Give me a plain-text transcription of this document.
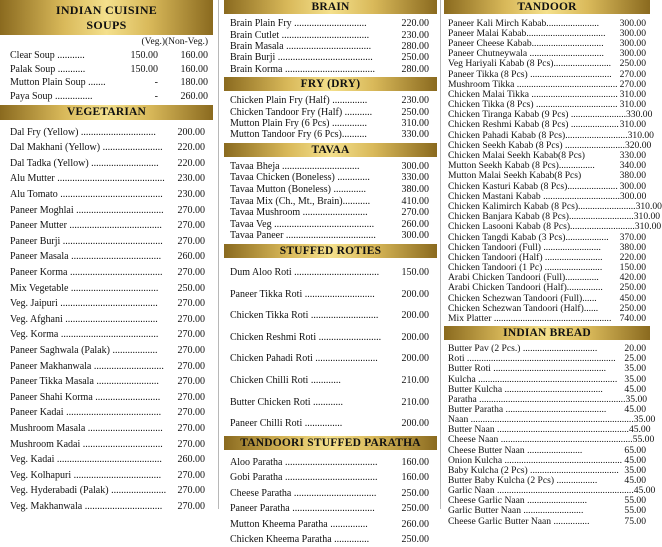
INDIAN CUISINE
SOUPS
(Veg.)(Non-Veg.)
Clear Soup ...........	150.00	160.00
Palak Soup ...........	150.00	160.00
Mutton Plain Soup .......	-	180.00
Paya Soup ...............	-	260.00
VEGETARIAN
Dal Fry (Yellow) ..............................	200.00
Dal Makhani (Yellow) ........................	220.00
Dal Tadka (Yellow) ...........................	220.00
Alu Mutter ...........................................	230.00
Alu Tomato .........................................	230.00
Paneer Moghlai ...................................	270.00
Paneer Mutter .....................................	270.00
Paneer Burji ........................................	270.00
Paneer Masala ....................................	260.00
Paneer Korma .....................................	270.00
Mix Vegetable ...................................	250.00
Veg. Jaipuri .......................................	270.00
Veg. Afghani .....................................	270.00
Veg. Korma .......................................	270.00
Paneer Saghwala (Palak) ..................	270.00
Paneer Makhanwala ............................	270.00
Paneer Tikka Masala .........................	270.00
Paneer Shahi Korma ..........................	270.00
Paneer Kadai ......................................	270.00
Mushroom Masala ..............................	270.00
Mushroom Kadai ................................	270.00
Veg. Kadai ..........................................	260.00
Veg. Kolhapuri ...................................	270.00
Veg. Hyderabadi (Palak) ......................	270.00
Veg. Makhanwala ...............................	270.00
BRAIN
Brain Plain Fry .............................	220.00
Brain Cutlet ...................................	230.00
Brain Masala ..................................	280.00
Brain Burji ......................................	250.00
Brain Korma ....................................	280.00
FRY (DRY)
Chicken Plain Fry (Half) ..............	230.00
Chicken Tandoor Fry (Half) ...........	250.00
Mutton Plain Fry (6 Pcs) ..............	310.00
Mutton Tandoor Fry (6 Pcs)..........	330.00
TAVAA
Tavaa Bheja ...............................	300.00
Tavaa Chicken (Boneless) .............	330.00
Tavaa Mutton (Boneless) .............	380.00
Tavaa Mix (Ch., Mt., Brain)...........	410.00
Tavaa Mushroom ..........................	270.00
Tavaa Veg ........................................	260.00
Tavaa Paneer ....................................	300.00
STUFFED ROTIES
Dum Aloo Roti ..................................	150.00
Paneer Tikka Roti ............................	200.00
Chicken Tikka Roti ...........................	200.00
Chicken Reshmi Roti .........................	200.00
Chicken Pahadi Roti .........................	200.00
Chicken Chilli Roti ............	210.00
Butter Chicken Roti ............	210.00
Paneer Chilli Roti ...............	200.00
TANDOORI STUFFED PARATHA
Aloo Paratha .....................................	160.00
Gobi Paratha .....................................	160.00
Cheese Paratha .................................	250.00
Paneer Paratha .................................	250.00
Mutton Kheema Paratha ...............	260.00
Chicken Kheema Paratha ..............	250.00
TANDOOR
Paneer Kali Mirch Kabab......................	300.00
Paneer Malai Kabab.................................	300.00
Paneer Cheese Kabab..............................	300.00
Paneer Chutneywala ...............................	300.00
Veg Hariyali Kabab (8 Pcs)........................ 250.00
Paneer Tikka (8 Pcs) .................................. 270.00
Mushroom Tikka .......................................... 270.00
Chicken Malai Tikka .................................... 310.00
Chicken Tikka (8 Pcs) .................................. 310.00
Chicken Tiranga Kabab (9 Pcs) ....................... 330.00
Chicken Reshmi Kabab (8 Pcs) .................... 310.00
Chicken Pahadi Kabab (8 Pcs).......................... 310.00
Chicken Seekh Kabab (8 Pcs) ......................... 320.00
Chicken Malai Seekh Kabab(8 Pcs)	330.00
Mutton Seekh Kabab (8 Pcs)...............	340.00
Mutton Malai Seekh Kabab(8 Pcs)	380.00
Chicken Kasturi Kabab (8 Pcs)..................... 300.00
Chicken Mastani Kabab ................................ 300.00
Chicken Kalimirch Kabab (8 Pcs)........................ 310.00
Chicken Banjara Kabab (8 Pcs)........................... 310.00
Chicken Lasooni Kabab (8 Pcs)........................... 310.00
Chicken Tangdi Kabab (3 Pcs)..................	370.00
Chicken Tandoori (Full) ........................	380.00
Chicken Tandoori (Half) ........................	220.00
Chicken Tandoori (1 Pc) ........................	150.00
Arabi Chicken Tandoori (Full)..............	420.00
Arabi Chicken Tandoori (Half)...............	250.00
Chicken Schezwan Tandoori (Full)......	450.00
Chicken Schezwan Tandoori (Half)......	250.00
Mix Platter ................................................. 740.00
INDIAN BREAD
Butter Pav (2 Pcs.) ...............................	20.00
Roti .............................................................. 25.00
Butter Roti ...............................................	35.00
Kulcha .......................................................... 35.00
Butter Kulcha .........................................	45.00
Paratha ............................................................. 35.00
Butter Paratha ..........................................	45.00
Naan .................................................................... 35.00
Butter Naan ....................................................... 45.00
Cheese Naan ....................................................... 55.00
Cheese Butter Naan .......................	65.00
Onion Kulcha ................................................. 45.00
Baby Kulcha (2 Pcs) ..................................... 35.00
Butter Baby Kulcha (2 Pcs) .................	45.00
Garlic Naan ......................................................... 45.00
Cheese Garlic Naan .........................	55.00
Garlic Butter Naan .........................	55.00
Cheese Garlic Butter Naan ...............	75.00
